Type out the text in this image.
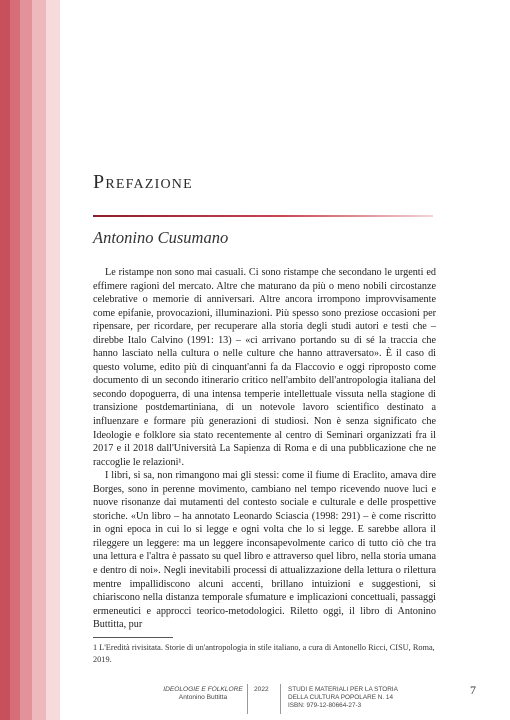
Prefazione
Antonino Cusumano

Le ristampe non sono mai casuali. Ci sono ristampe che secondano le urgenti ed effimere ragioni del mercato. Altre che maturano da più o meno nobili circostanze celebrative o memorie di anniversari. Altre ancora irrompono improvvisamente come epifanie, provocazioni, illuminazioni. Più spesso sono preziose occasioni per ripensare, per ricordare, per recuperare alla storia degli studi autori e testi che – direbbe Italo Calvino (1991: 13) – «ci arrivano portando su di sé la traccia che hanno lasciato nella cultura o nelle culture che hanno attraversato». È il caso di questo volume, edito più di cinquant'anni fa da Flaccovio e oggi riproposto come documento di un secondo itinerario critico nell'ambito dell'antropologia italiana del secondo dopoguerra, di una intensa temperie intellettuale vissuta nella stagione di transizione postdemartiniana, di un notevole lavoro scientifico destinato a influenzare e formare più generazioni di studiosi. Non è senza significato che Ideologie e folklore sia stato recentemente al centro di Seminari organizzati fra il 2017 e il 2018 dall'Università La Sapienza di Roma e di una pubblicazione che ne raccoglie le relazioni¹.

I libri, si sa, non rimangono mai gli stessi: come il fiume di Eraclito, amava dire Borges, sono in perenne movimento, cambiano nel tempo ricevendo nuove luci e nuove risonanze dai mutamenti del contesto sociale e culturale e delle prospettive storiche. «Un libro – ha annotato Leonardo Sciascia (1998: 291) – è come riscritto in ogni epoca in cui lo si legge e ogni volta che lo si legge. E sarebbe allora il rileggere un leggere: ma un leggere inconsapevolmente carico di tutto ciò che tra una lettura e l'altra è passato su quel libro e attraverso quel libro, nella storia umana e dentro di noi». Negli inevitabili processi di attualizzazione della lettura o rilettura mentre impallidiscono alcuni accenti, brillano intuizioni e suggestioni, si chiariscono nella distanza temporale sfumature e implicazioni concettuali, passaggi ermeneutici e approcci teorico-metodologici. Riletto oggi, il libro di Antonino Buttitta, pur

1 L'Eredità rivisitata. Storie di un'antropologia in stile italiano, a cura di Antonello Ricci, CISU, Roma, 2019.
IDEOLOGIE E FOLKLORE
Antonino Buttitta
2022	STUDI E MATERIALI PER LA STORIA
DELLA CULTURA POPOLARE N. 14
ISBN: 979-12-80664-27-3
7
